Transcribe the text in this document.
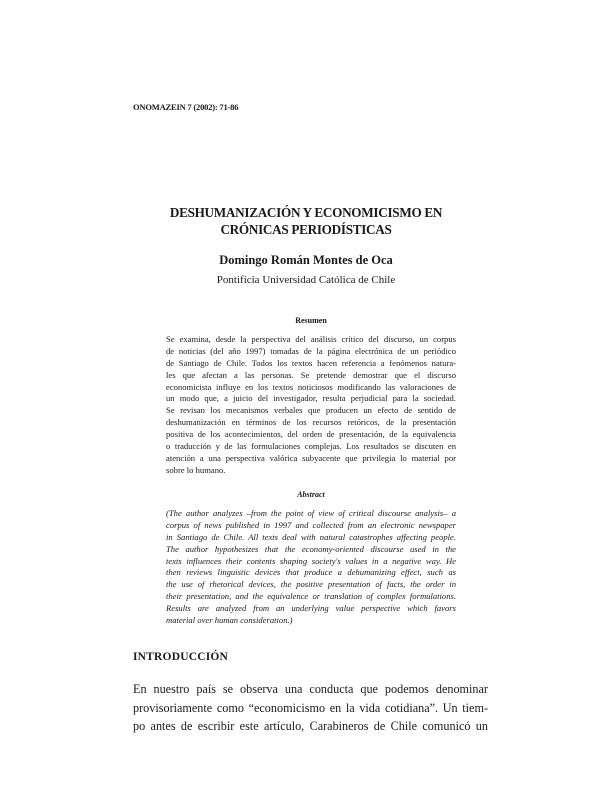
ONOMAZEIN 7 (2002): 71-86
DESHUMANIZACIÓN Y ECONOMICISMO EN
CRÓNICAS PERIODÍSTICAS
Domingo Román Montes de Oca
Pontificia Universidad Católica de Chile
Resumen
Se examina, desde la perspectiva del análisis crítico del discurso, un corpus
de noticias (del año 1997) tomadas de la página electrónica de un periódico
de Santiago de Chile. Todos los textos hacen referencia a fenómenos natura-
les que afectan a las personas. Se pretende demostrar que el discurso
economicista influye en los textos noticiosos modificando las valoraciones de
un modo que, a juicio del investigador, resulta perjudicial para la sociedad.
Se revisan los mecanismos verbales que producen un efecto de sentido de
deshumanización en términos de los recursos retóricos, de la presentación
positiva de los acontecimientos, del orden de presentación, de la equivalencia
o traducción y de las formulaciones complejas. Los resultados se discuten en
atención a una perspectiva valórica subyacente que privilegia lo material por
sobre lo humano.
Abstract
(The author analyzes –from the point of view of critical discourse analysis– a
corpus of news published in 1997 and collected from an electronic newspaper
in Santiago de Chile. All texts deal with natural catastrophes affecting people.
The author hypothesizes that the economy-oriented discourse used in the
texts influences their contents shaping society's values in a negative way. He
then reviews linguistic devices that produce a dehumanizing effect, such as
the use of rhetorical devices, the positive presentation of facts, the order in
their presentation, and the equivalence or translation of complex formulations.
Results are analyzed from an underlying value perspective which favors
material over human consideration.)
INTRODUCCIÓN
En nuestro país se observa una conducta que podemos denominar
provisoriamente como “economicismo en la vida cotidiana”. Un tiem-
po antes de escribir este artículo, Carabineros de Chile comunicó un
